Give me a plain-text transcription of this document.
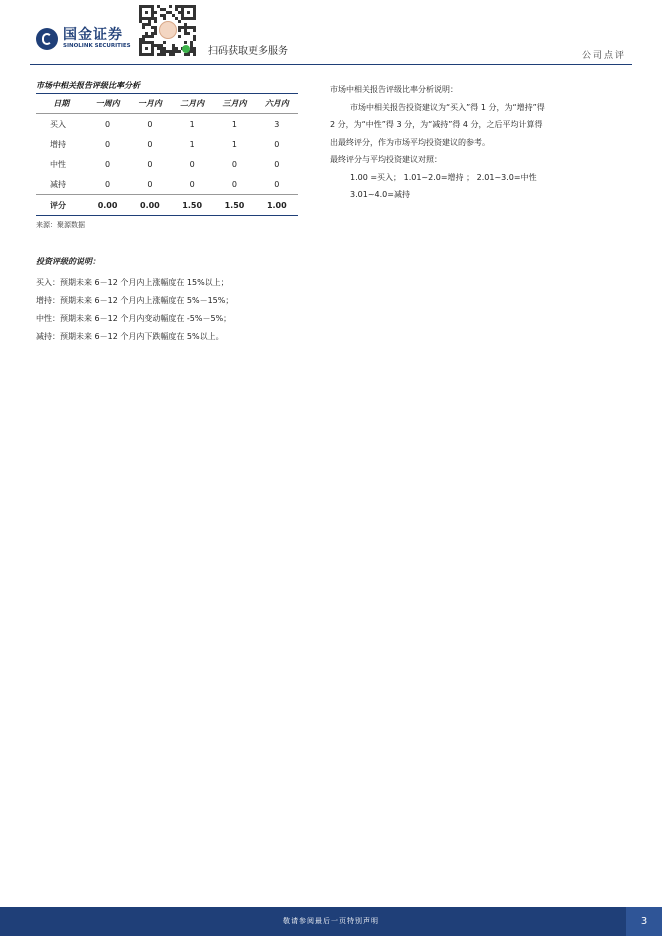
国金证券
SINOLINK SECURITIES	扫码获取更多服务	公司点评
市场中相关报告评级比率分析
日期	一周内	一月内	二月内	三月内	六月内
买入	0	0	1	1	3
增持	0	0	1	1	0
中性	0	0	0	0	0
减持	0	0	0	0	0
评分	0.00	0.00	1.50	1.50	1.00
来源：聚源数据

市场中相关报告评级比率分析说明：

市场中相关报告投资建议为“买入”得 1 分，为“增持”得

2 分，为“中性”得 3 分，为“减持”得 4 分，之后平均计算得

出最终评分，作为市场平均投资建议的参考。

最终评分与平均投资建议对照：

1.00 =买入； 1.01~2.0=增持 ； 2.01~3.0=中性

3.01~4.0=减持

投资评级的说明：
买入：预期未来 6－12 个月内上涨幅度在 15%以上；
增持：预期未来 6－12 个月内上涨幅度在 5%－15%；
中性：预期未来 6－12 个月内变动幅度在 -5%－5%；
减持：预期未来 6－12 个月内下跌幅度在 5%以上。
敬请参阅最后一页特别声明	3
